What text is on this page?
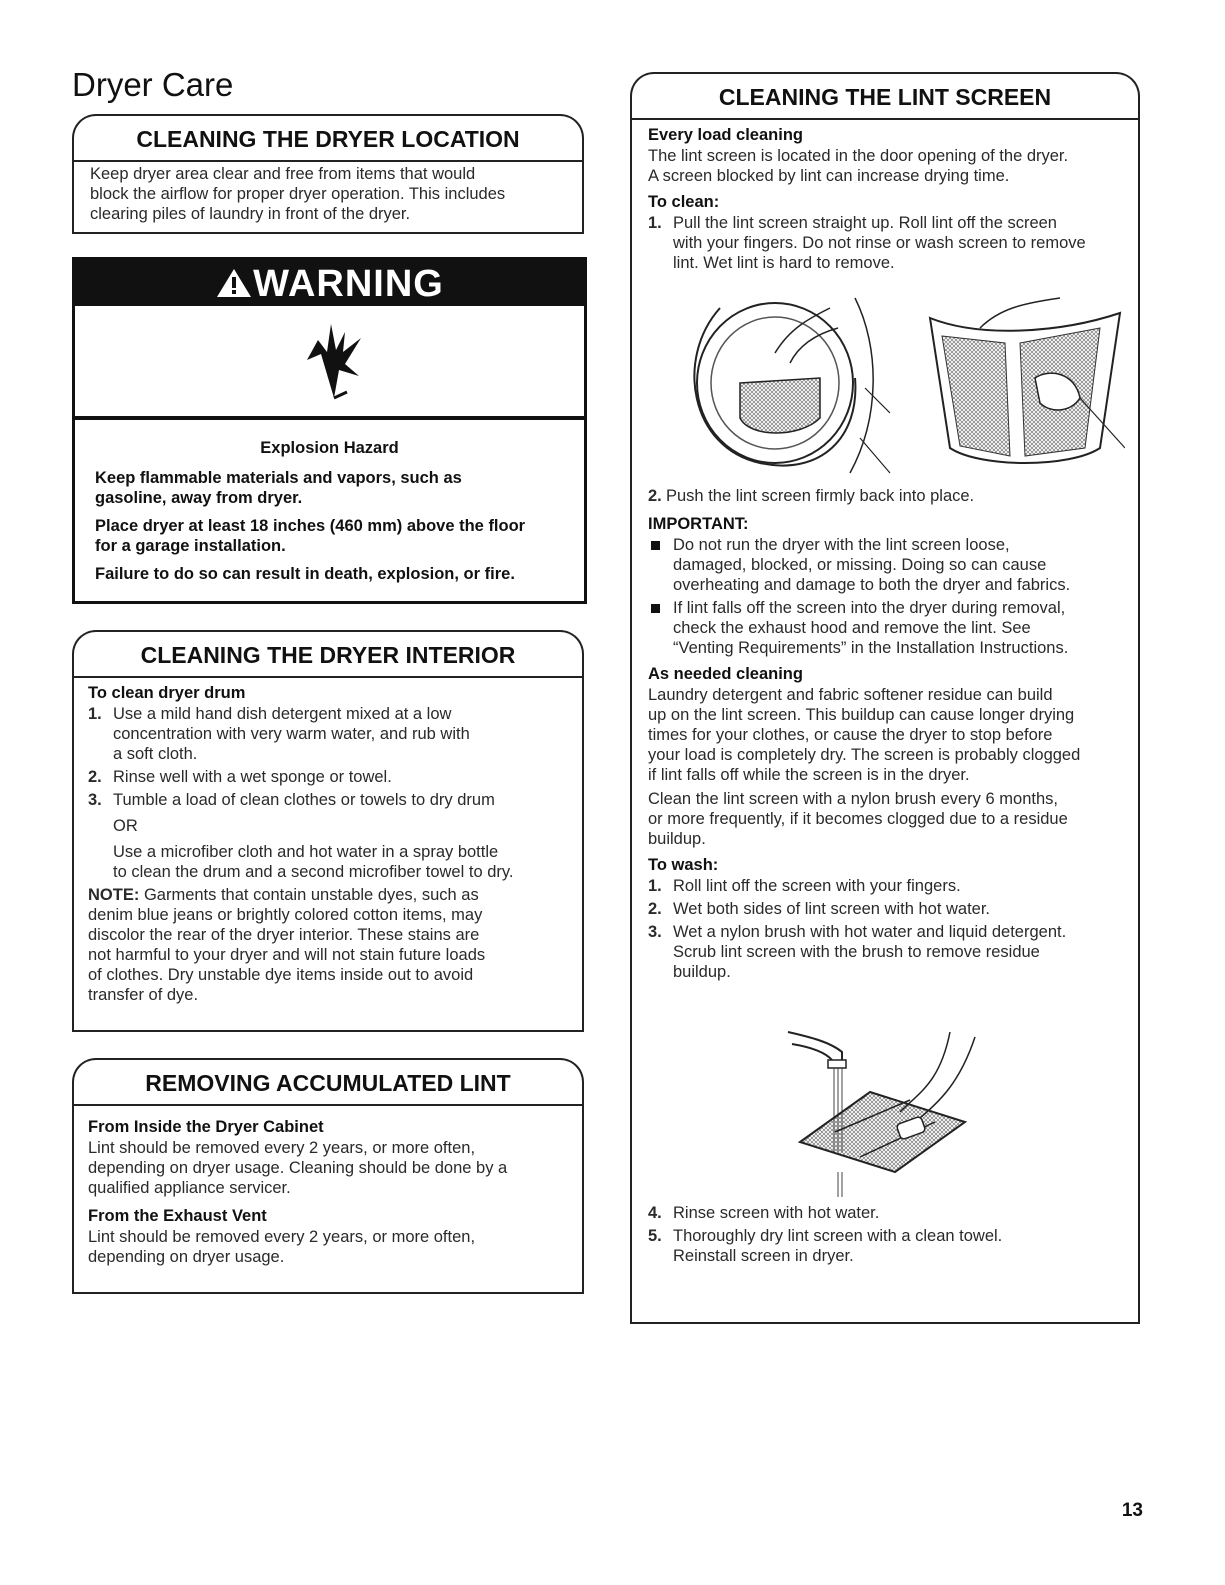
Dryer Care
CLEANING THE DRYER LOCATION
Keep dryer area clear and free from items that would
block the airflow for proper dryer operation. This includes
clearing piles of laundry in front of the dryer.
WARNING
Explosion Hazard
Keep flammable materials and vapors, such as
gasoline, away from dryer.
Place dryer at least 18 inches (460 mm) above the floor
for a garage installation.
Failure to do so can result in death, explosion, or fire.
CLEANING THE DRYER INTERIOR
To clean dryer drum
1. Use a mild hand dish detergent mixed at a low
concentration with very warm water, and rub with
a soft cloth.
2. Rinse well with a wet sponge or towel.
3. Tumble a load of clean clothes or towels to dry drum
OR
Use a microfiber cloth and hot water in a spray bottle
to clean the drum and a second microfiber towel to dry.
NOTE: Garments that contain unstable dyes, such as
denim blue jeans or brightly colored cotton items, may
discolor the rear of the dryer interior. These stains are
not harmful to your dryer and will not stain future loads
of clothes. Dry unstable dye items inside out to avoid
transfer of dye.
REMOVING ACCUMULATED LINT
From Inside the Dryer Cabinet
Lint should be removed every 2 years, or more often,
depending on dryer usage. Cleaning should be done by a
qualified appliance servicer.
From the Exhaust Vent
Lint should be removed every 2 years, or more often,
depending on dryer usage.
CLEANING THE LINT SCREEN
Every load cleaning
The lint screen is located in the door opening of the dryer.
A screen blocked by lint can increase drying time.
To clean:
1. Pull the lint screen straight up. Roll lint off the screen
with your fingers. Do not rinse or wash screen to remove
lint. Wet lint is hard to remove.
2. Push the lint screen firmly back into place.
IMPORTANT:
Do not run the dryer with the lint screen loose,
damaged, blocked, or missing. Doing so can cause
overheating and damage to both the dryer and fabrics.
If lint falls off the screen into the dryer during removal,
check the exhaust hood and remove the lint. See
“Venting Requirements” in the Installation Instructions.
As needed cleaning
Laundry detergent and fabric softener residue can build
up on the lint screen. This buildup can cause longer drying
times for your clothes, or cause the dryer to stop before
your load is completely dry. The screen is probably clogged
if lint falls off while the screen is in the dryer.
Clean the lint screen with a nylon brush every 6 months,
or more frequently, if it becomes clogged due to a residue
buildup.
To wash:
1. Roll lint off the screen with your fingers.
2. Wet both sides of lint screen with hot water.
3. Wet a nylon brush with hot water and liquid detergent.
Scrub lint screen with the brush to remove residue
buildup.
4. Rinse screen with hot water.
5. Thoroughly dry lint screen with a clean towel.
Reinstall screen in dryer.
13
